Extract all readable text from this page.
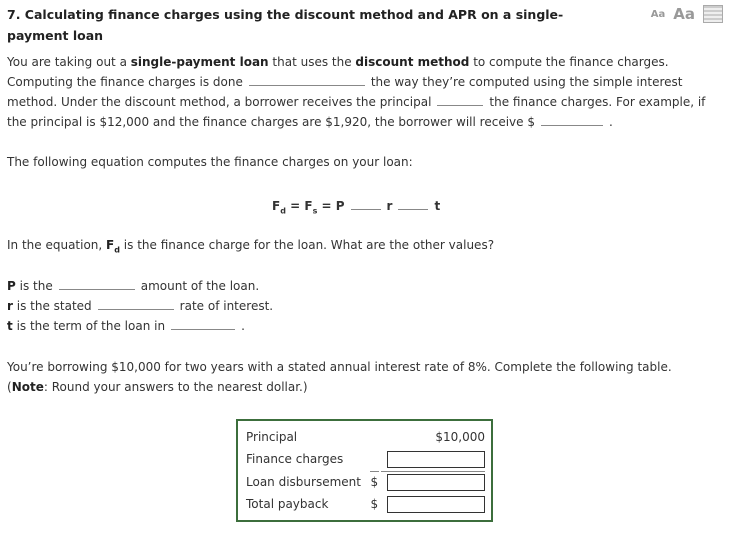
7. Calculating finance charges using the discount method and APR on a single-payment loan
Aa Aa
You are taking out a single-payment loan that uses the discount method to compute the finance charges.
Computing the finance charges is done	the way they’re computed using the simple interest
method. Under the discount method, a borrower receives the principal	the finance charges. For example, if
the principal is $12,000 and the finance charges are $1,920, the borrower will receive $	.
The following equation computes the finance charges on your loan:
$F_d = F_s = P$	r	t
In the equation, $F_d$ is the finance charge for the loan. What are the other values?
P is the	amount of the loan.
r is the stated	rate of interest.
t is the term of the loan in	.
You’re borrowing $10,000 for two years with a stated annual interest rate of 8%. Complete the following table.
(Note: Round your answers to the nearest dollar.)
Principal		$10,000
Finance charges		
Loan disbursement	$	
Total payback	$	
